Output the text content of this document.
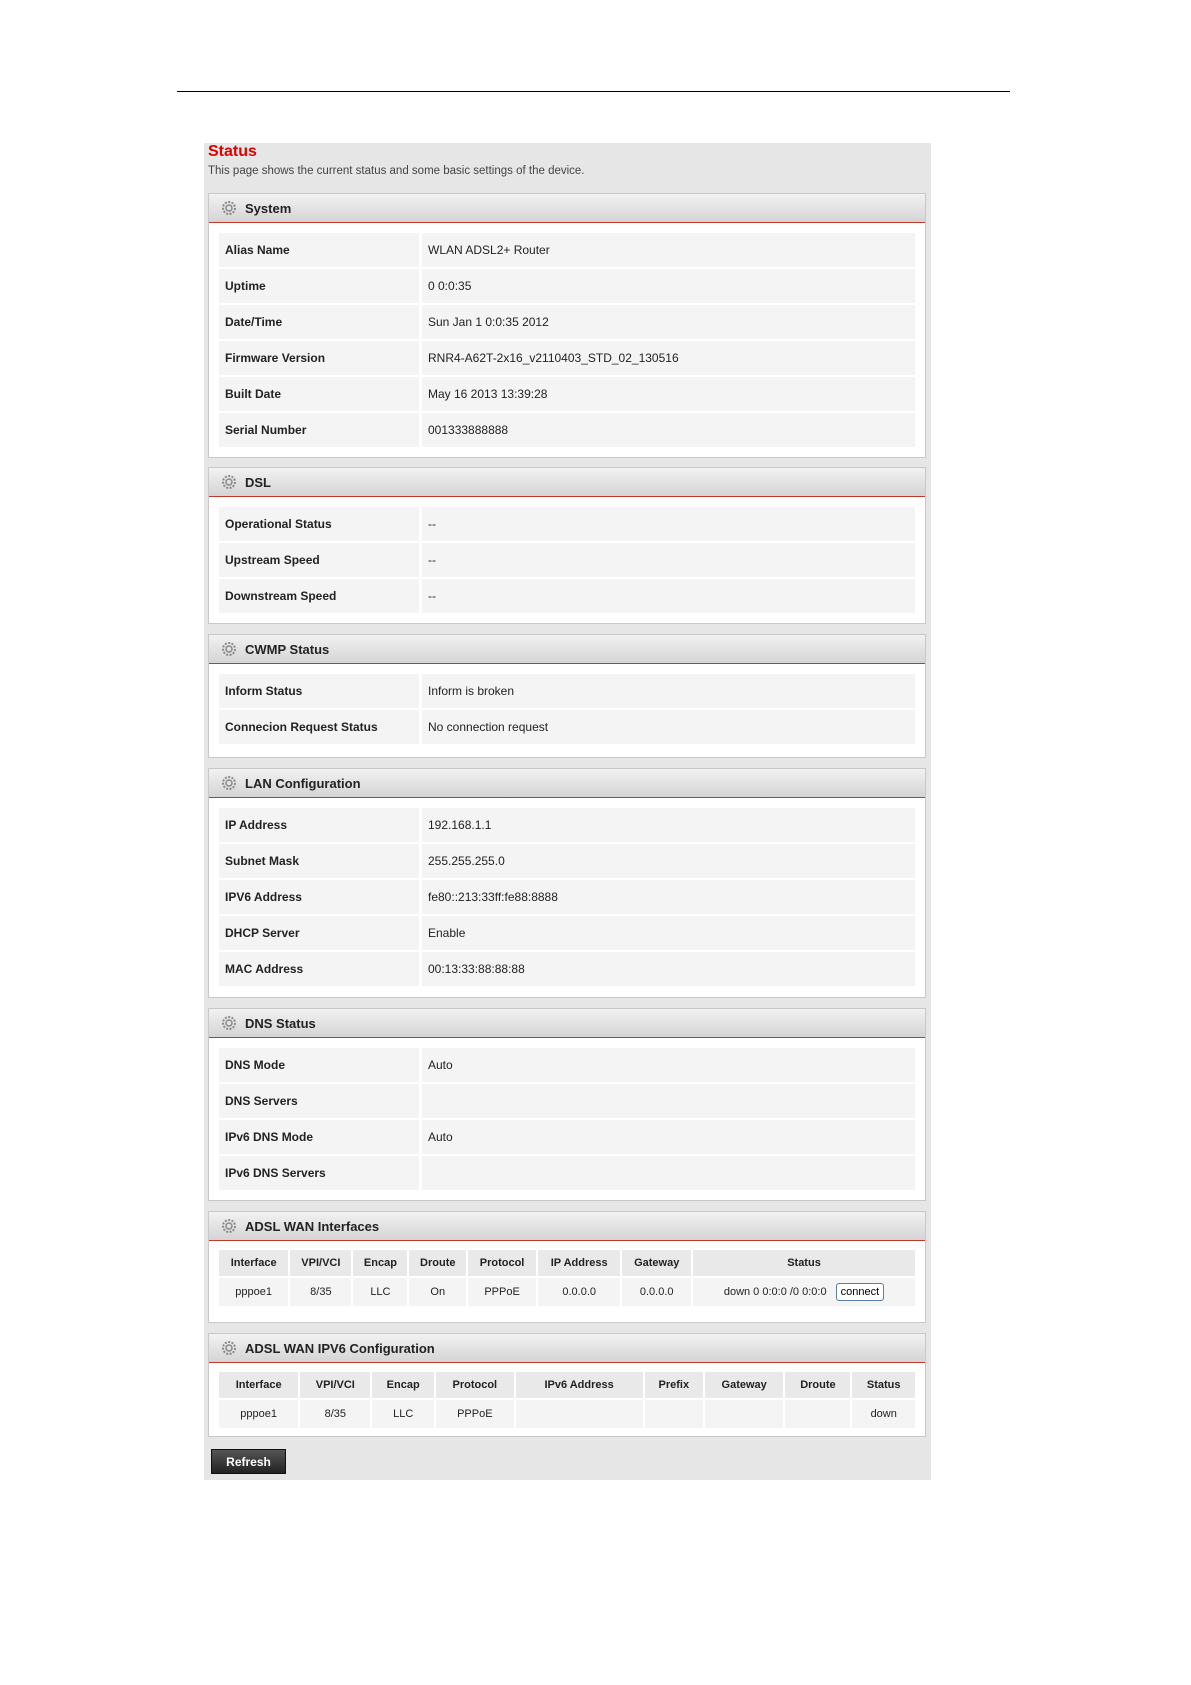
Status
This page shows the current status and some basic settings of the device.
System
Alias Name	WLAN ADSL2+ Router
Uptime	0 0:0:35
Date/Time	Sun Jan 1 0:0:35 2012
Firmware Version	RNR4-A62T-2x16_v2110403_STD_02_130516
Built Date	May 16 2013 13:39:28
Serial Number	001333888888
DSL
Operational Status	--
Upstream Speed	--
Downstream Speed	--
CWMP Status
Inform Status	Inform is broken
Connecion Request Status	No connection request
LAN Configuration
IP Address	192.168.1.1
Subnet Mask	255.255.255.0
IPV6 Address	fe80::213:33ff:fe88:8888
DHCP Server	Enable
MAC Address	00:13:33:88:88:88
DNS Status
DNS Mode	Auto
DNS Servers
IPv6 DNS Mode	Auto
IPv6 DNS Servers
ADSL WAN Interfaces
Interface	VPI/VCI	Encap	Droute	Protocol	IP Address	Gateway	Status
pppoe1	8/35	LLC	On	PPPoE	0.0.0.0	0.0.0.0	down 0 0:0:0 /0 0:0:0 connect
ADSL WAN IPV6 Configuration
Interface	VPI/VCI	Encap	Protocol	IPv6 Address	Prefix	Gateway	Droute	Status
pppoe1	8/35	LLC	PPPoE					down
Refresh
